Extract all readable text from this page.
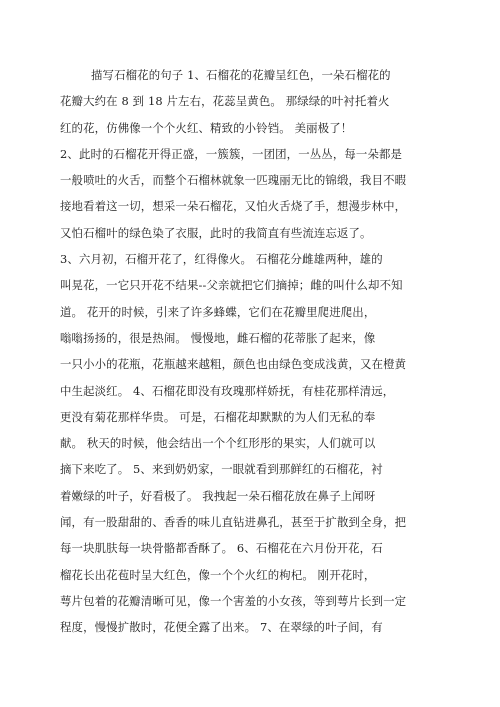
描写石榴花的句子 1、石榴花的花瓣呈红色，一朵石榴花的
花瓣大约在 8 到 18 片左右，花蕊呈黄色。 那绿绿的叶衬托着火
红的花，仿佛像一个个火红、精致的小铃铛。 美丽极了！
2、此时的石榴花开得正盛，一簇簇，一团团，一丛丛，每一朵都是
一般喷吐的火舌，而整个石榴林就象一匹瑰丽无比的锦缎，我目不暇
接地看着这一切，想采一朵石榴花，又怕火舌烧了手，想漫步林中，
又怕石榴叶的绿色染了衣服，此时的我简直有些流连忘返了。
3、六月初，石榴开花了，红得像火。 石榴花分雌雄两种，雄的
叫晃花，一它只开花不结果--父亲就把它们摘掉；雌的叫什么却不知
道。 花开的时候，引来了许多蜂蝶，它们在花瓣里爬进爬出，
嗡嗡扬扬的，很是热闹。 慢慢地，雌石榴的花蒂胀了起来，像
一只小小的花瓶，花瓶越来越粗，颜色也由绿色变成浅黄，又在橙黄
中生起淡红。 4、石榴花即没有玫瑰那样娇抚，有桂花那样清远，
更没有菊花那样华贵。 可是，石榴花却默默的为人们无私的奉
献。 秋天的时候，他会结出一个个红形彤的果实，人们就可以
摘下来吃了。 5、来到奶奶家，一眼就看到那鲜红的石榴花，衬
着嫩绿的叶子，好看极了。 我拽起一朵石榴花放在鼻子上闻呀
闻，有一股甜甜的、香香的味儿直钻进鼻孔，甚至于扩散到全身，把
每一块肌肤每一块骨骼都香酥了。 6、石榴花在六月份开花，石
榴花长出花苞时呈大红色，像一个个火红的枸杞。 刚开花时，
萼片包着的花瓣清晰可见，像一个害羞的小女孩，等到萼片长到一定
程度，慢慢扩散时，花便全露了出来。 7、在翠绿的叶子间，有
